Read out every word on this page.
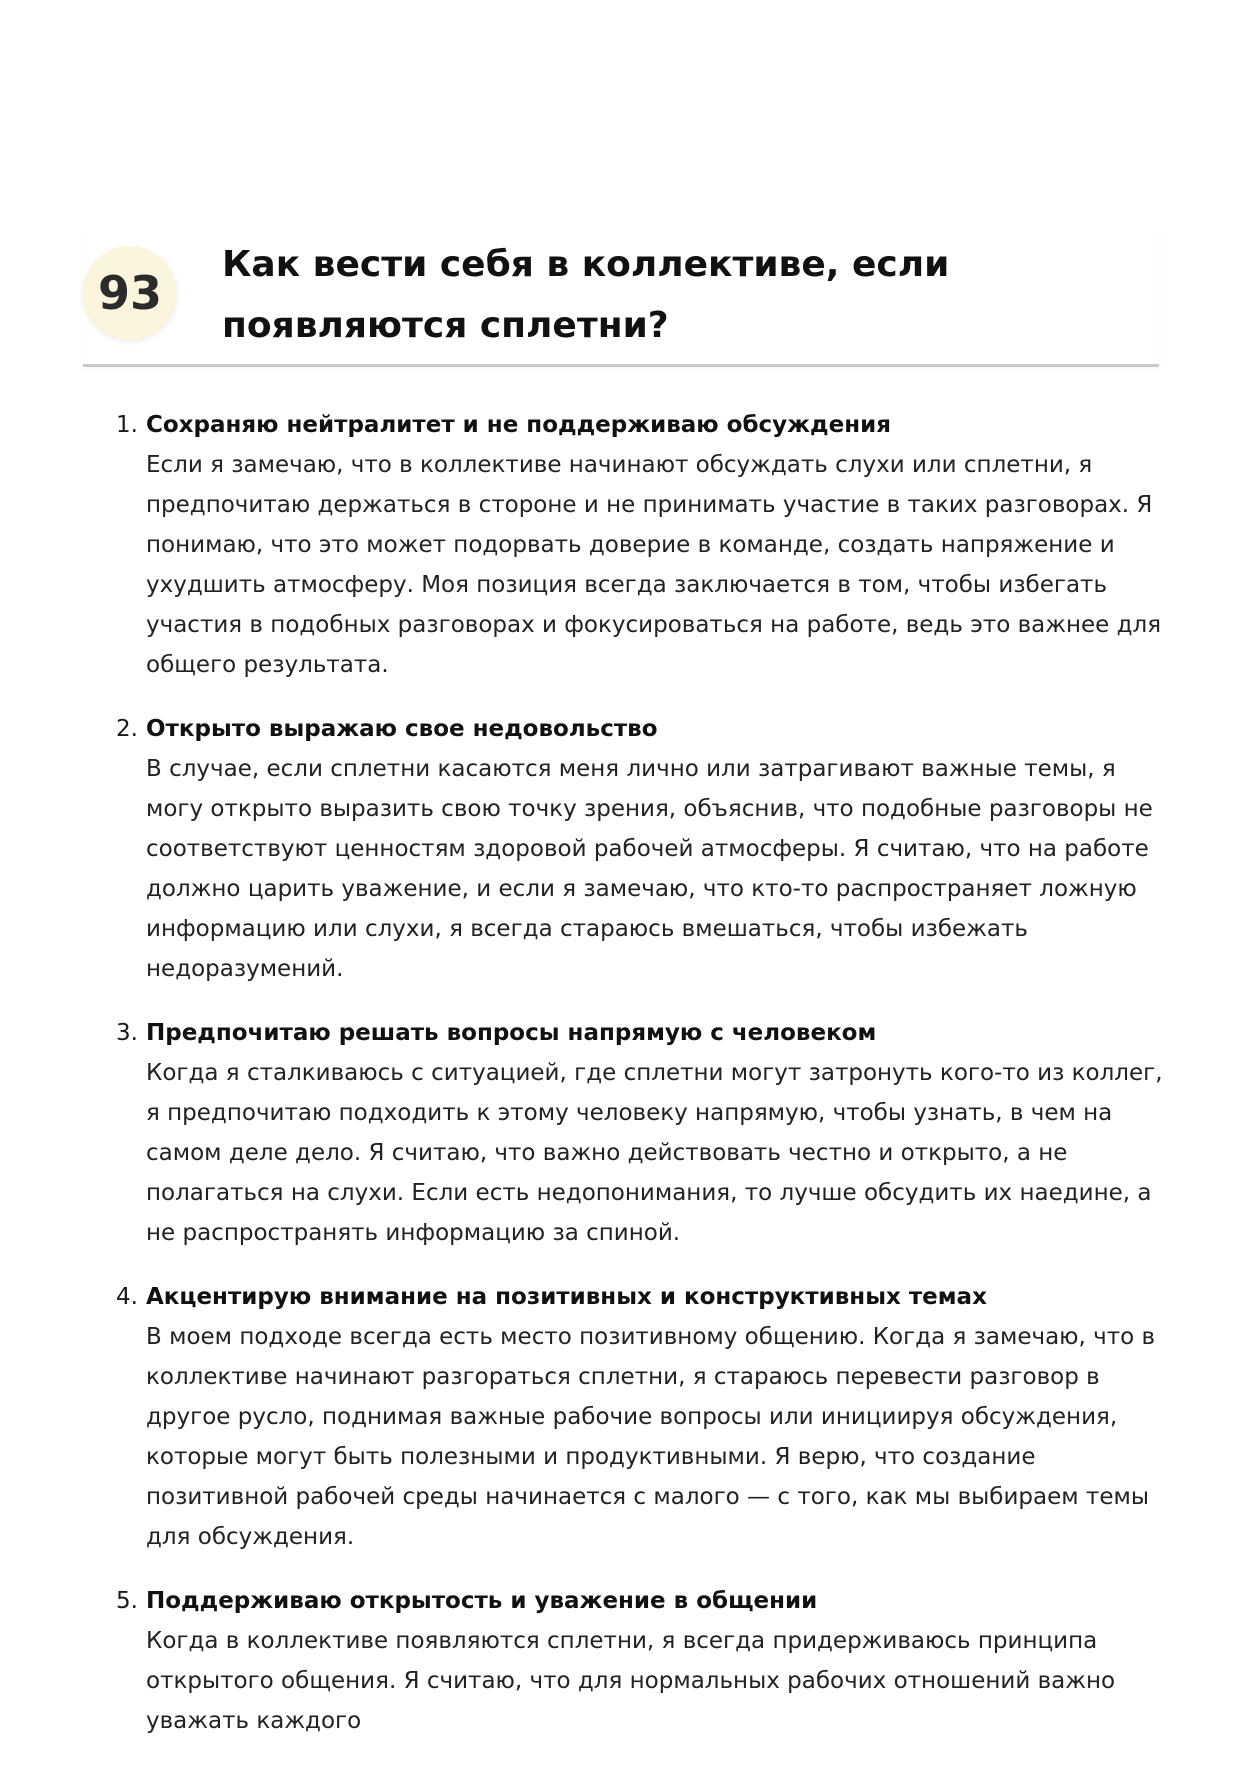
93
Как вести себя в коллективе, если появляются сплетни?
1. Сохраняю нейтралитет и не поддерживаю обсуждения

Если я замечаю, что в коллективе начинают обсуждать слухи или сплетни, я предпочитаю держаться в стороне и не принимать участие в таких разговорах. Я понимаю, что это может подорвать доверие в команде, создать напряжение и ухудшить атмосферу. Моя позиция всегда заключается в том, чтобы избегать участия в подобных разговорах и фокусироваться на работе, ведь это важнее для общего результата.

2. Открыто выражаю свое недовольство

В случае, если сплетни касаются меня лично или затрагивают важные темы, я могу открыто выразить свою точку зрения, объяснив, что подобные разговоры не соответствуют ценностям здоровой рабочей атмосферы. Я считаю, что на работе должно царить уважение, и если я замечаю, что кто-то распространяет ложную информацию или слухи, я всегда стараюсь вмешаться, чтобы избежать недоразумений.

3. Предпочитаю решать вопросы напрямую с человеком

Когда я сталкиваюсь с ситуацией, где сплетни могут затронуть кого-то из коллег, я предпочитаю подходить к этому человеку напрямую, чтобы узнать, в чем на самом деле дело. Я считаю, что важно действовать честно и открыто, а не полагаться на слухи. Если есть недопонимания, то лучше обсудить их наедине, а не распространять информацию за спиной.

4. Акцентирую внимание на позитивных и конструктивных темах

В моем подходе всегда есть место позитивному общению. Когда я замечаю, что в коллективе начинают разгораться сплетни, я стараюсь перевести разговор в другое русло, поднимая важные рабочие вопросы или инициируя обсуждения, которые могут быть полезными и продуктивными. Я верю, что создание позитивной рабочей среды начинается с малого — с того, как мы выбираем темы для обсуждения.

5. Поддерживаю открытость и уважение в общении

Когда в коллективе появляются сплетни, я всегда придерживаюсь принципа открытого общения. Я считаю, что для нормальных рабочих отношений важно уважать каждого
